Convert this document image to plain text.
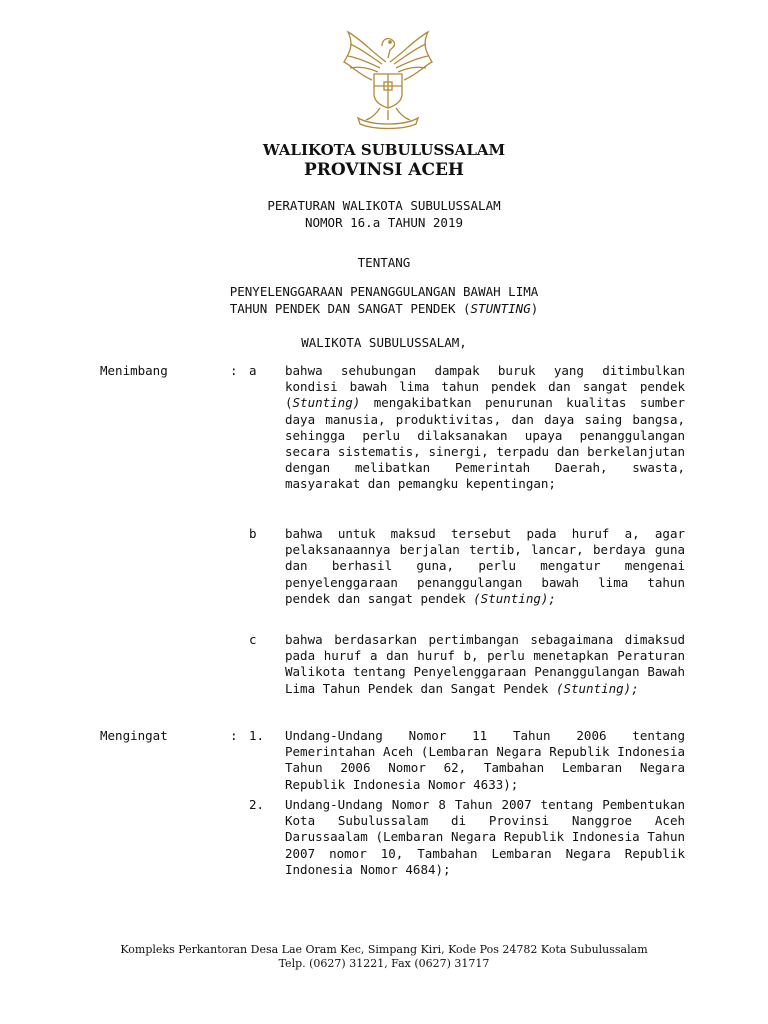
WALIKOTA SUBULUSSALAM
PROVINSI ACEH
PERATURAN WALIKOTA SUBULUSSALAM
NOMOR 16.a TAHUN 2019
TENTANG
PENYELENGGARAAN PENANGGULANGAN BAWAH LIMA
TAHUN PENDEK DAN SANGAT PENDEK (STUNTING)
WALIKOTA SUBULUSSALAM,
Menimbang	: a bahwa sehubungan dampak buruk yang ditimbulkan kondisi bawah lima tahun pendek dan sangat pendek (Stunting) mengakibatkan penurunan kualitas sumber daya manusia, produktivitas, dan daya saing bangsa, sehingga perlu dilaksanakan upaya penanggulangan secara sistematis, sinergi, terpadu dan berkelanjutan dengan melibatkan Pemerintah Daerah, swasta, masyarakat dan pemangku kepentingan;
b bahwa untuk maksud tersebut pada huruf a, agar pelaksanaannya berjalan tertib, lancar, berdaya guna dan berhasil guna, perlu mengatur mengenai penyelenggaraan penanggulangan bawah lima tahun pendek dan sangat pendek (Stunting);
c bahwa berdasarkan pertimbangan sebagaimana dimaksud pada huruf a dan huruf b, perlu menetapkan Peraturan Walikota tentang Penyelenggaraan Penanggulangan Bawah Lima Tahun Pendek dan Sangat Pendek (Stunting);
Mengingat	: 1. Undang-Undang Nomor 11 Tahun 2006 tentang Pemerintahan Aceh (Lembaran Negara Republik Indonesia Tahun 2006 Nomor 62, Tambahan Lembaran Negara Republik Indonesia Nomor 4633);
2. Undang-Undang Nomor 8 Tahun 2007 tentang Pembentukan Kota Subulussalam di Provinsi Nanggroe Aceh Darussaalam (Lembaran Negara Republik Indonesia Tahun 2007 nomor 10, Tambahan Lembaran Negara Republik Indonesia Nomor 4684);
Kompleks Perkantoran Desa Lae Oram Kec, Simpang Kiri, Kode Pos 24782 Kota Subulussalam
Telp. (0627) 31221, Fax (0627) 31717
